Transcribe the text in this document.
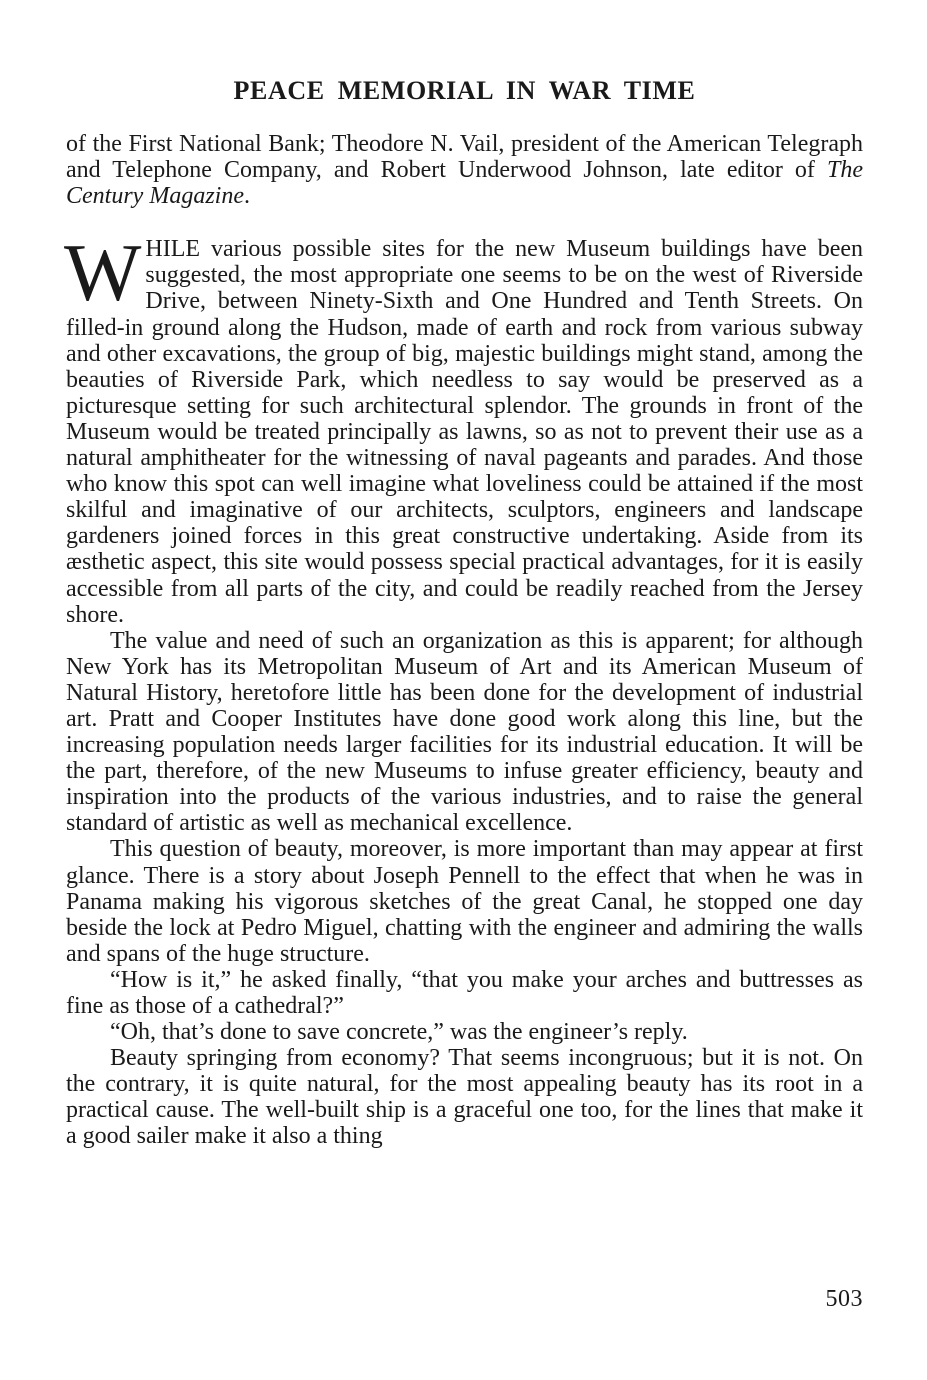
PEACE MEMORIAL IN WAR TIME

of the First National Bank; Theodore N. Vail, president of the American Telegraph and Telephone Company, and Robert Underwood Johnson, late editor of The Century Magazine.

WHILE various possible sites for the new Museum buildings have been suggested, the most appropriate one seems to be on the west of Riverside Drive, between Ninety-Sixth and One Hundred and Tenth Streets. On filled-in ground along the Hudson, made of earth and rock from various subway and other excavations, the group of big, majestic buildings might stand, among the beauties of Riverside Park, which needless to say would be preserved as a picturesque setting for such architectural splendor. The grounds in front of the Museum would be treated principally as lawns, so as not to prevent their use as a natural amphitheater for the witnessing of naval pageants and parades. And those who know this spot can well imagine what loveliness could be attained if the most skilful and imaginative of our architects, sculptors, engineers and landscape gardeners joined forces in this great constructive undertaking. Aside from its æsthetic aspect, this site would possess special practical advantages, for it is easily accessible from all parts of the city, and could be readily reached from the Jersey shore.

The value and need of such an organization as this is apparent; for although New York has its Metropolitan Museum of Art and its American Museum of Natural History, heretofore little has been done for the development of industrial art. Pratt and Cooper Institutes have done good work along this line, but the increasing population needs larger facilities for its industrial education. It will be the part, therefore, of the new Museums to infuse greater efficiency, beauty and inspiration into the products of the various industries, and to raise the general standard of artistic as well as mechanical excellence.

This question of beauty, moreover, is more important than may appear at first glance. There is a story about Joseph Pennell to the effect that when he was in Panama making his vigorous sketches of the great Canal, he stopped one day beside the lock at Pedro Miguel, chatting with the engineer and admiring the walls and spans of the huge structure.

“How is it,” he asked finally, “that you make your arches and buttresses as fine as those of a cathedral?”

“Oh, that’s done to save concrete,” was the engineer’s reply.

Beauty springing from economy? That seems incongruous; but it is not. On the contrary, it is quite natural, for the most appealing beauty has its root in a practical cause. The well-built ship is a graceful one too, for the lines that make it a good sailer make it also a thing

503
